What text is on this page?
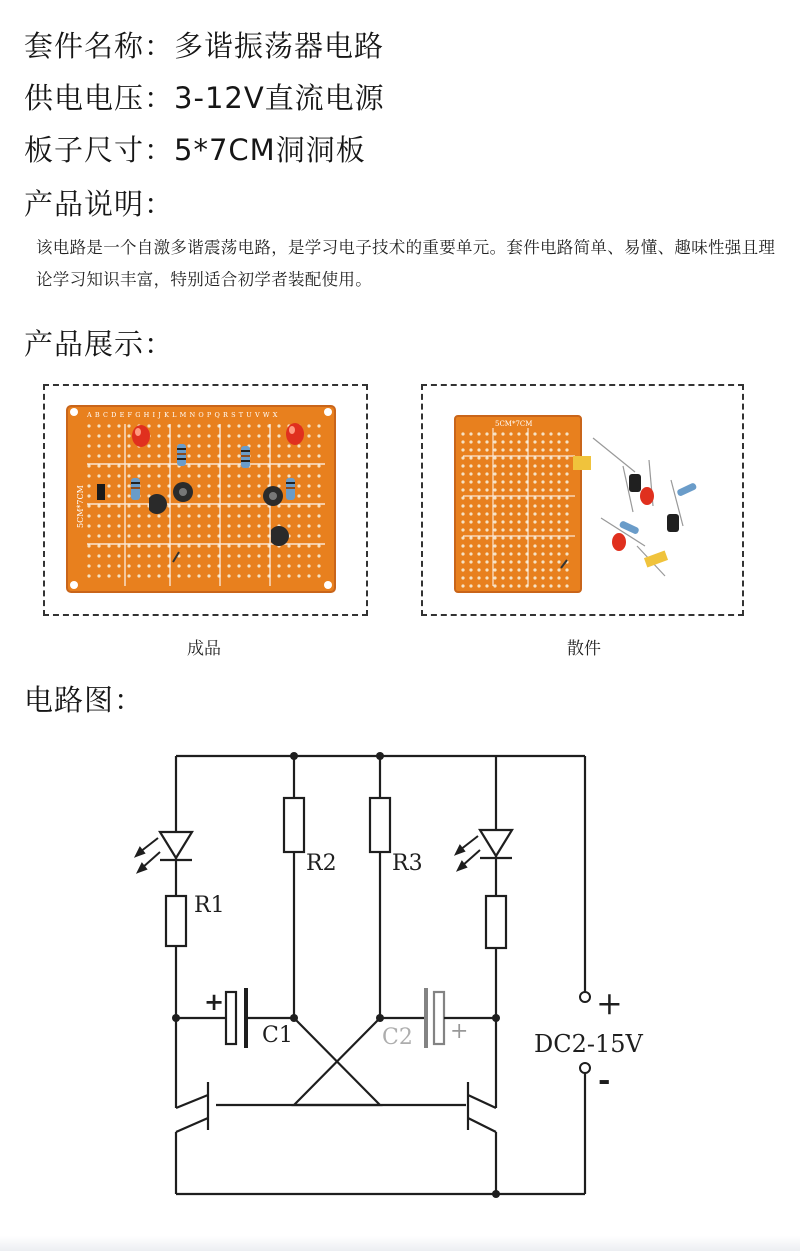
套件名称：多谐振荡器电路
供电电压：3-12V直流电源
板子尺寸：5*7CM洞洞板
产品说明：
该电路是一个自激多谐震荡电路，是学习电子技术的重要单元。套件电路简单、易懂、趣味性强且理论学习知识丰富，特别适合初学者装配使用。
产品展示：
ABCDEFGHIJKLMNOPQRSTUVWX
5CM*7CM
成品
5CM*7CM
散件
电路图：
R1
R2	R3
C1	C2
+
+
+
-
DC2-15V
